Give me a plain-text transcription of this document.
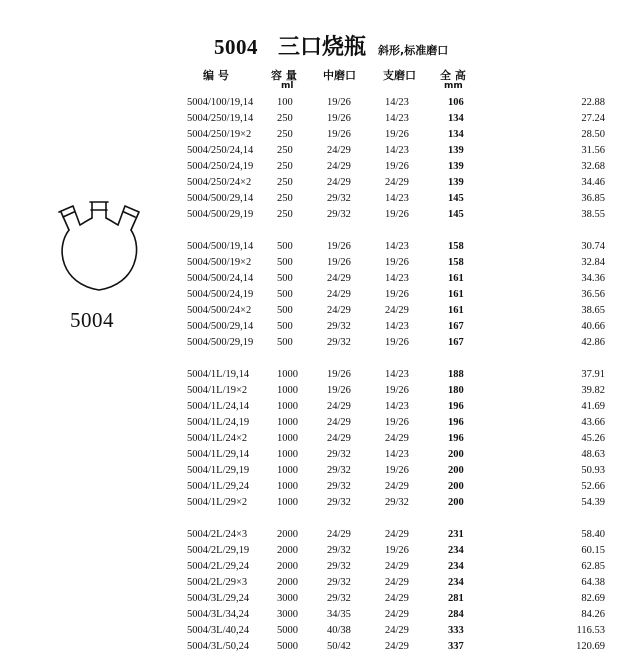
5004 三口烧瓶 斜形,标准磨口
编 号	容 量
ml
中磨口 支磨口 全 高
mm
5004
5004/100/19,14 100	19/26	14/23	106	22.88
5004/250/19,14 250	19/26	14/23	134	27.24
5004/250/19×2 250	19/26	19/26	134	28.50
5004/250/24,14 250	24/29	14/23	139	31.56
5004/250/24,19 250	24/29	19/26	139	32.68
5004/250/24×2 250	24/29	24/29	139	34.46
5004/500/29,14 250	29/32	14/23	145	36.85
5004/500/29,19 250	29/32	19/26	145	38.55
5004/500/19,14 500	19/26	14/23	158	30.74
5004/500/19×2 500	19/26	19/26	158	32.84
5004/500/24,14 500	24/29	14/23	161	34.36
5004/500/24,19 500	24/29	19/26	161	36.56
5004/500/24×2 500	24/29	24/29	161	38.65
5004/500/29,14 500	29/32	14/23	167	40.66
5004/500/29,19 500	29/32	19/26	167	42.86
5004/1L/19,14	1000	19/26	14/23	188	37.91
5004/1L/19×2	1000	19/26	19/26	180	39.82
5004/1L/24,14	1000	24/29	14/23	196	41.69
5004/1L/24,19	1000	24/29	19/26	196	43.66
5004/1L/24×2	1000	24/29	24/29	196	45.26
5004/1L/29,14	1000	29/32	14/23	200	48.63
5004/1L/29,19	1000	29/32	19/26	200	50.93
5004/1L/29,24	1000	29/32	24/29	200	52.66
5004/1L/29×2	1000	29/32	29/32	200	54.39
5004/2L/24×3	2000	24/29	24/29	231	58.40
5004/2L/29,19	2000	29/32	19/26	234	60.15
5004/2L/29,24	2000	29/32	24/29	234	62.85
5004/2L/29×3	2000	29/32	24/29	234	64.38
5004/3L/29,24	3000	29/32	24/29	281	82.69
5004/3L/34,24	3000	34/35	24/29	284	84.26
5004/3L/40,24	5000	40/38	24/29	333	116.53
5004/3L/50,24	5000	50/42	24/29	337	120.69
